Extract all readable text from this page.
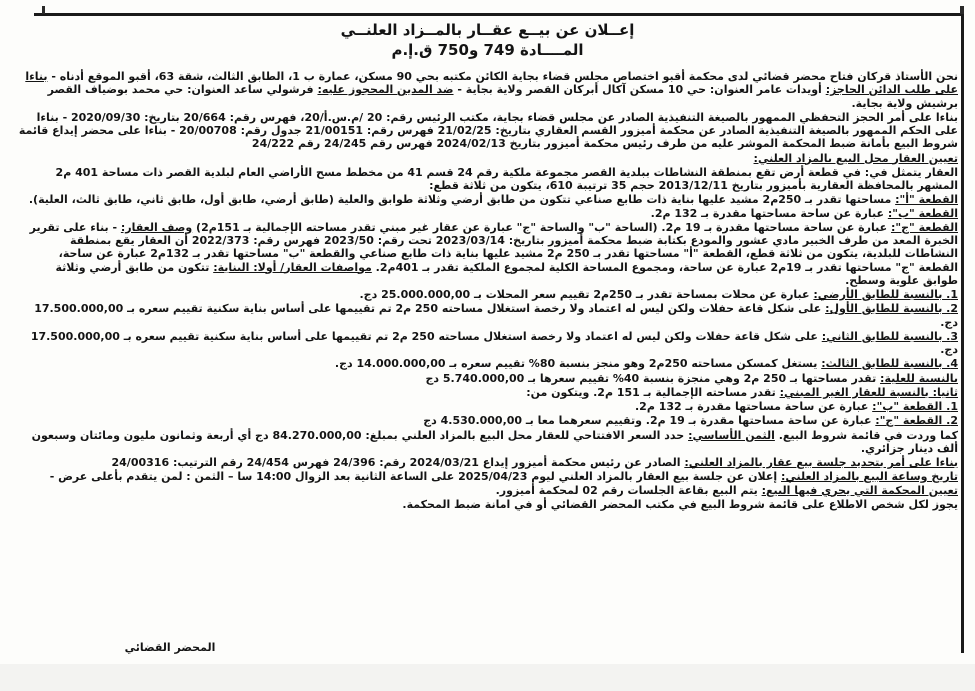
إعــلان عن بيــع عقــار بالمــزاد العلنــي
المــــادة 749 و750 ق.إ.م

نحن الأستاذ قركان فتاح محضر قضائي لدى محكمة أقبو اختصاص مجلس قضاء بجاية الكائن مكتبه بحي 90 مسكن، عمارة ب 1، الطابق الثالث، شقة 63، أقبو الموقع أدناه - بناءا على طلب الدائن الحاجز: أويدات عامر العنوان: حي 10 مسكن آكال أبركان القصر ولاية بجاية - ضد المدين المحجوز عليه: فرشولي ساعد العنوان: حي محمد بوضياف القصر برشيش ولاية بجاية.

بناءا على أمر الحجز التحفظي الممهور بالصيغة التنفيذية الصادر عن مجلس قضاء بجاية، مكتب الرئيس رقم: 20 /م.س.أ/20، فهرس رقم: 20/664 بتاريخ: 2020/09/30 - بناءا على الحكم الممهور بالصيغة التنفيذية الصادر عن محكمة أميزور القسم العقاري بتاريخ: 21/02/25 فهرس رقم: 21/00151 جدول رقم: 20/00708 - بناءا على محضر إيداع قائمة شروط البيع بأمانة ضبط المحكمة الموشر عليه من طرف رئيس محكمة أميزور بتاريخ 2024/02/13 فهرس رقم 24/245 رقم 24/222

تعيين العقار محل البيع بالمزاد العلني:

العقار يتمثل في: في قطعة أرض تقع بمنطقة النشاطات ببلدية القصر مجموعة ملكية رقم 24 قسم 41 من مخطط مسح الأراضي العام لبلدية القصر ذات مساحة 401 م2 المشهر بالمحافظة العقارية بأميزور بتاريخ 2013/12/11 حجم 35 ترتيبة 610، يتكون من ثلاثة قطع:

القطعة "أ": مساحتها تقدر بـ 250م2 مشيد عليها بناية ذات طابع صناعي تتكون من طابق أرضي وثلاثة طوابق والعلية (طابق أرضي، طابق أول، طابق ثاني، طابق ثالث، العلية). القطعة "ب": عبارة عن ساحة مساحتها مقدرة بـ 132 م2.

القطعة "ج": عبارة عن ساحة مساحتها مقدرة بـ 19 م2. (الساحة "ب" والساحة "ج" عبارة عن عقار غير مبني تقدر مساحته الإجمالية بـ 151م2) وصف العقار: - بناء على تقرير الخبرة المعد من طرف الخبير مادي عشور والمودع بكتابة ضبط محكمة أميزور بتاريخ: 2023/03/14 تحت رقم: 2023/50 فهرس رقم: 2022/373 أن العقار يقع بمنطقة النشاطات للبلدية، يتكون من ثلاثة قطع، القطعة "أ" مساحتها تقدر بـ 250 م2 مشيد عليها بناية ذات طابع صناعي والقطعة "ب" مساحتها تقدر بـ 132م2 عبارة عن ساحة، القطعة "ج" مساحتها تقدر بـ 19م2 عبارة عن ساحة، ومجموع المساحة الكلية لمجموع الملكية تقدر بـ 401م2. مواصفات العقار/ أولا: البناية: تتكون من طابق أرضي وثلاثة طوابق علوية وسطح.

1. بالنسبة للطابق الأرضي: عبارة عن محلات بمساحة تقدر بـ 250م2 تقييم سعر المحلات بـ 25.000.000,00 دج.

2. بالنسبة للطابق الأول: على شكل قاعة حفلات ولكن ليس له اعتماد ولا رخصة استغلال مساحته 250 م2 تم تقييمها على أساس بناية سكنية تقييم سعره بـ 17.500.000,00 دج.

3. بالنسبة للطابق الثاني: على شكل قاعة حفلات ولكن ليس له اعتماد ولا رخصة استغلال مساحته 250 م2 تم تقييمها على أساس بناية سكنية تقييم سعره بـ 17.500.000,00 دج.

4. بالنسبة للطابق الثالث: يستغل كمسكن مساحته 250م2 وهو منجز بنسبة 80% تقييم سعره بـ 14.000.000,00 دج.

بالنسبة للعلية: تقدر مساحتها بـ 250 م2 وهي منجزة بنسبة 40% تقييم سعرها بـ 5.740.000,00 دج

ثانيا: بالنسبة للعقار الغير المبني: تقدر مساحته الإجمالية بـ 151 م2. ويتكون من:

1. القطعة "ب": عبارة عن ساحة مساحتها مقدرة بـ 132 م2.

2. القطعة "ج": عبارة عن ساحة مساحتها مقدرة بـ 19 م2. وتقييم سعرهما معا بـ 4.530.000,00 دج

كما وردت في قائمة شروط البيع. الثمن الأساسي: حدد السعر الافتتاحي للعقار محل البيع بالمزاد العلني بمبلغ: 84.270.000,00 دج أي أربعة وثمانون مليون ومائتان وسبعون ألف دينار جزائري.

بناءا على أمر بتحديد جلسة بيع عقار بالمزاد العلني: الصادر عن رئيس محكمة أميزور إيداع 2024/03/21 رقم: 24/396 فهرس 24/454 رقم الترتيب: 24/00316

تاريخ وساعة البيع بالمزاد العلني: إعلان عن جلسة بيع العقار بالمزاد العلني ليوم 2025/04/23 على الساعة الثانية بعد الزوال 14:00 سا – الثمن : لمن يتقدم بأعلى عرض - تعيين المحكمة التي يجري فيها البيع: يتم البيع بقاعة الجلسات رقم 02 لمحكمة أميزور.

يجوز لكل شخص الاطلاع على قائمة شروط البيع في مكتب المحضر القضائي أو في امانة ضبط المحكمة.

المحضر القضائي
